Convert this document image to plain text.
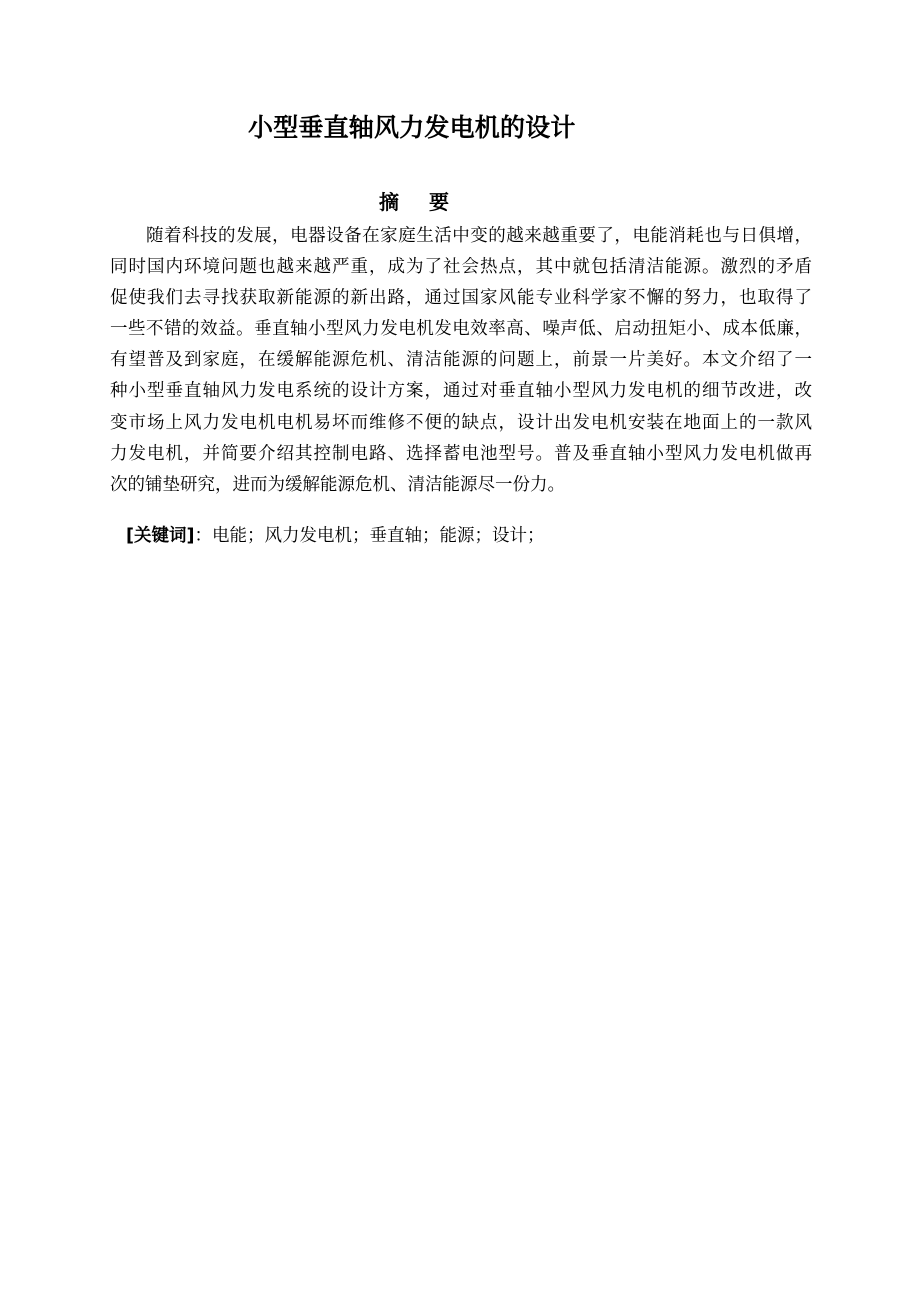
小型垂直轴风力发电机的设计
摘 要
随着科技的发展，电器设备在家庭生活中变的越来越重要了，电能消耗也与日俱增，
同时国内环境问题也越来越严重，成为了社会热点，其中就包括清洁能源。激烈的矛盾
促使我们去寻找获取新能源的新出路，通过国家风能专业科学家不懈的努力，也取得了
一些不错的效益。垂直轴小型风力发电机发电效率高、噪声低、启动扭矩小、成本低廉，
有望普及到家庭，在缓解能源危机、清洁能源的问题上，前景一片美好。本文介绍了一
种小型垂直轴风力发电系统的设计方案，通过对垂直轴小型风力发电机的细节改进，改
变市场上风力发电机电机易坏而维修不便的缺点，设计出发电机安装在地面上的一款风
力发电机，并简要介绍其控制电路、选择蓄电池型号。普及垂直轴小型风力发电机做再
次的铺垫研究，进而为缓解能源危机、清洁能源尽一份力。
[关键词]：电能；风力发电机；垂直轴；能源；设计；
